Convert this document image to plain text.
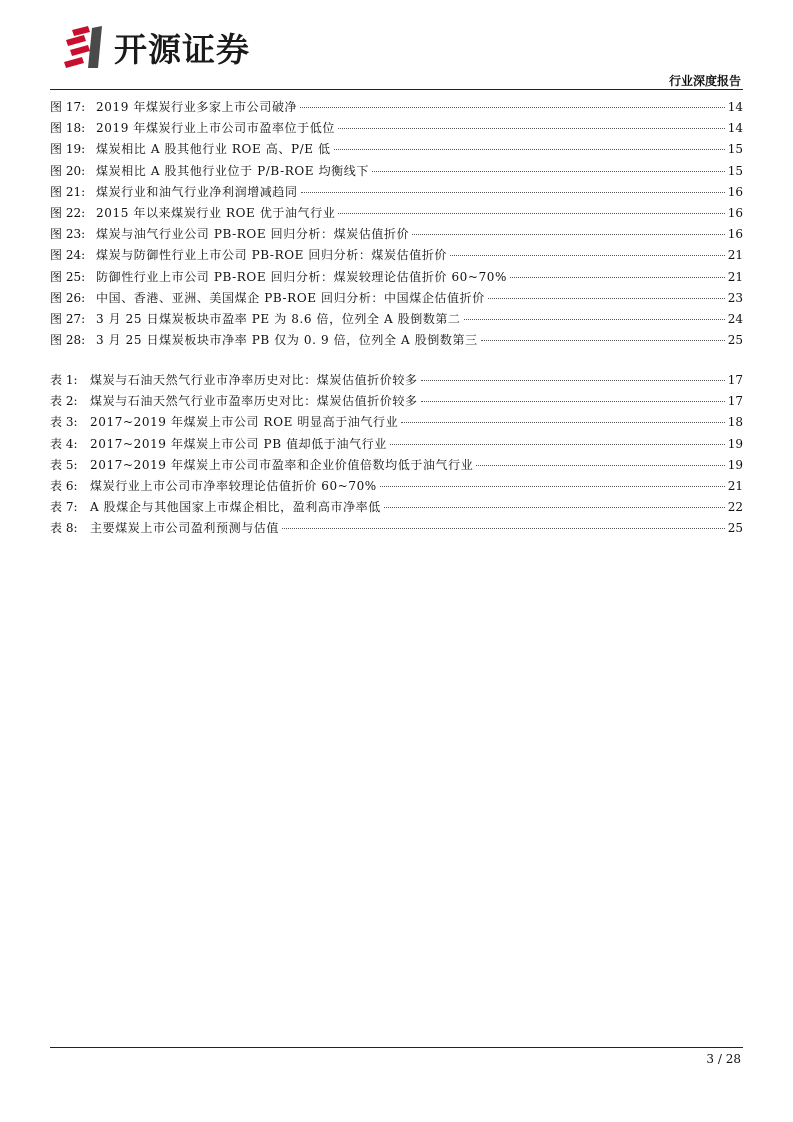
开源证券
行业深度报告
图 17: 2019 年煤炭行业多家上市公司破净	14
图 18: 2019 年煤炭行业上市公司市盈率位于低位	14
图 19: 煤炭相比 A 股其他行业 ROE 高、P/E 低	15
图 20: 煤炭相比 A 股其他行业位于 P/B-ROE 均衡线下	15
图 21: 煤炭行业和油气行业净利润增减趋同	16
图 22: 2015 年以来煤炭行业 ROE 优于油气行业	16
图 23: 煤炭与油气行业公司 PB-ROE 回归分析：煤炭估值折价	16
图 24: 煤炭与防御性行业上市公司 PB-ROE 回归分析：煤炭估值折价	21
图 25: 防御性行业上市公司 PB-ROE 回归分析：煤炭较理论估值折价 60~70%	21
图 26: 中国、香港、亚洲、美国煤企 PB-ROE 回归分析：中国煤企估值折价	23
图 27: 3 月 25 日煤炭板块市盈率 PE 为 8.6 倍，位列全 A 股倒数第二	24
图 28: 3 月 25 日煤炭板块市净率 PB 仅为 0. 9 倍，位列全 A 股倒数第三	25
表 1:	煤炭与石油天然气行业市净率历史对比：煤炭估值折价较多	17
表 2:	煤炭与石油天然气行业市盈率历史对比：煤炭估值折价较多	17
表 3:	2017~2019 年煤炭上市公司 ROE 明显高于油气行业	18
表 4:	2017~2019 年煤炭上市公司 PB 值却低于油气行业	19
表 5:	2017~2019 年煤炭上市公司市盈率和企业价值倍数均低于油气行业	19
表 6:	煤炭行业上市公司市净率较理论估值折价 60~70%	21
表 7:	A 股煤企与其他国家上市煤企相比，盈利高市净率低	22
表 8:	主要煤炭上市公司盈利预测与估值	25
3 / 28
